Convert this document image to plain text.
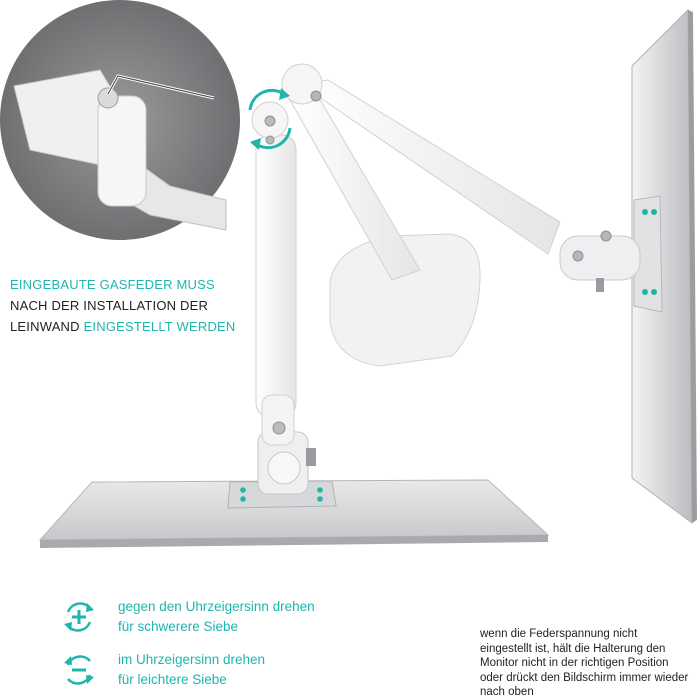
EINGEBAUTE GASFEDER MUSS
NACH DER INSTALLATION DER
LEINWAND EINGESTELLT WERDEN
gegen den Uhrzeigersinn drehen
für schwerere Siebe
im Uhrzeigersinn drehen
für leichtere Siebe
wenn die Federspannung nicht eingestellt ist, hält die Halterung den Monitor nicht in der richtigen Position oder drückt den Bildschirm immer wieder nach oben
